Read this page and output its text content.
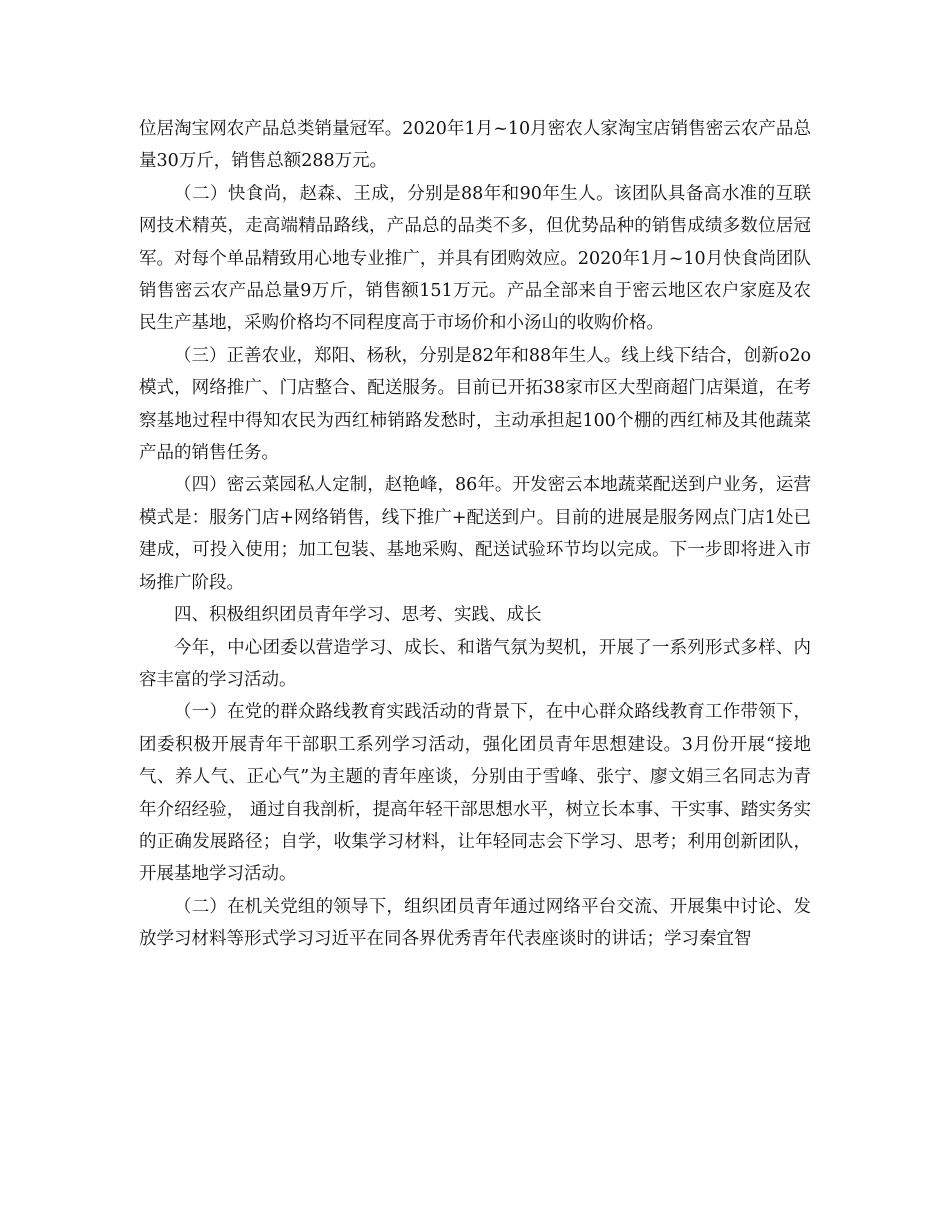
位居淘宝网农产品总类销量冠军。2020年1月~10月密农人家淘宝店销售密云农产品总量30万斤，销售总额288万元。

（二）快食尚，赵森、王成，分别是88年和90年生人。该团队具备高水准的互联网技术精英，走高端精品路线，产品总的品类不多，但优势品种的销售成绩多数位居冠军。对每个单品精致用心地专业推广，并具有团购效应。2020年1月~10月快食尚团队销售密云农产品总量9万斤，销售额151万元。产品全部来自于密云地区农户家庭及农民生产基地，采购价格均不同程度高于市场价和小汤山的收购价格。

（三）正善农业，郑阳、杨秋，分别是82年和88年生人。线上线下结合，创新o2o模式，网络推广、门店整合、配送服务。目前已开拓38家市区大型商超门店渠道，在考察基地过程中得知农民为西红柿销路发愁时，主动承担起100个棚的西红柿及其他蔬菜产品的销售任务。

（四）密云菜园私人定制，赵艳峰，86年。开发密云本地蔬菜配送到户业务，运营模式是：服务门店+网络销售，线下推广+配送到户。目前的进展是服务网点门店1处已建成，可投入使用；加工包装、基地采购、配送试验环节均以完成。下一步即将进入市场推广阶段。

四、积极组织团员青年学习、思考、实践、成长

今年，中心团委以营造学习、成长、和谐气氛为契机，开展了一系列形式多样、内容丰富的学习活动。

（一）在党的群众路线教育实践活动的背景下，在中心群众路线教育工作带领下，团委积极开展青年干部职工系列学习活动，强化团员青年思想建设。3月份开展“接地气、养人气、正心气”为主题的青年座谈，分别由于雪峰、张宁、廖文娟三名同志为青年介绍经验， 通过自我剖析，提高年轻干部思想水平，树立长本事、干实事、踏实务实的正确发展路径；自学，收集学习材料，让年轻同志会下学习、思考；利用创新团队，开展基地学习活动。

（二）在机关党组的领导下，组织团员青年通过网络平台交流、开展集中讨论、发放学习材料等形式学习习近平在同各界优秀青年代表座谈时的讲话；学习秦宜智
